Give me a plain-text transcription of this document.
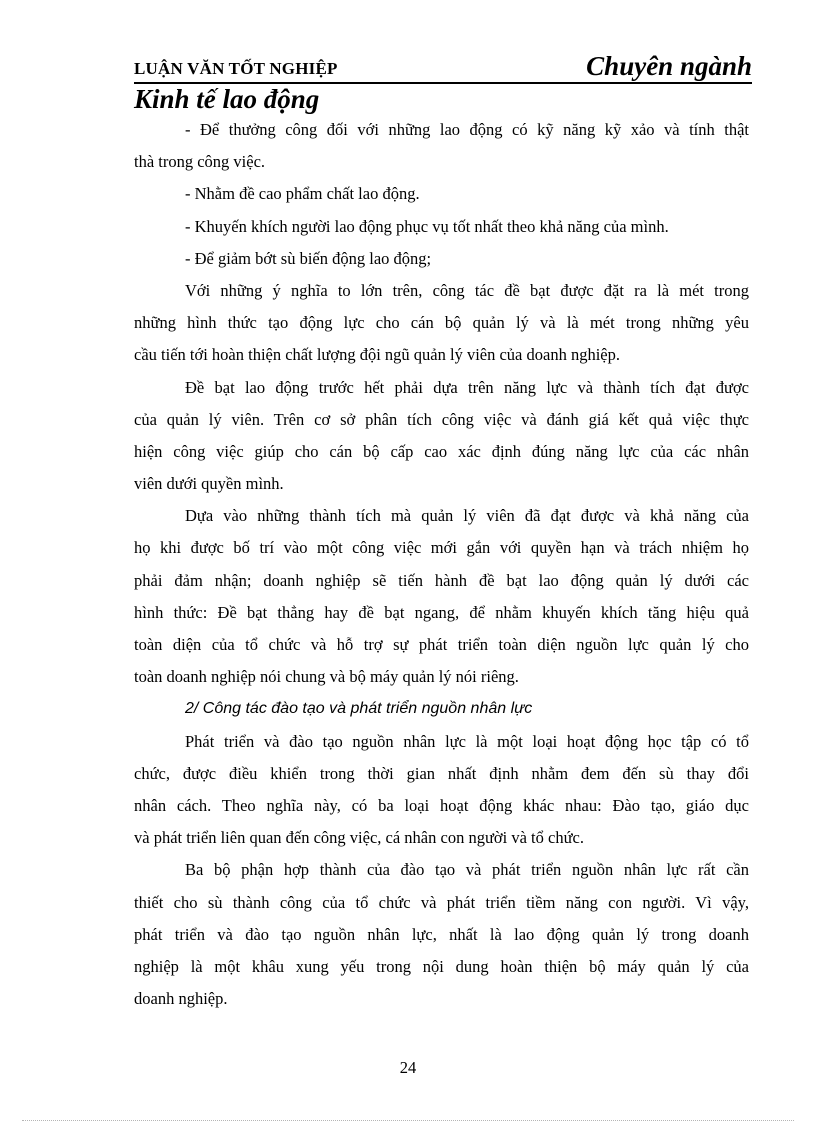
LUẬN VĂN TỐT NGHIỆP	Chuyên ngành
Kinh tế lao động
- Để thưởng công đối với những lao động có kỹ năng kỹ xảo và tính thật
thà trong công việc.
- Nhằm đề cao phẩm chất lao động.
- Khuyến khích người lao động phục vụ tốt nhất theo khả năng của mình.
- Để giảm bớt sù biến động lao động;
Với những ý nghĩa to lớn trên, công tác đề bạt được đặt ra là mét trong
những hình thức tạo động lực cho cán bộ quản lý và là mét trong những yêu
cầu tiến tới hoàn thiện chất lượng đội ngũ quản lý viên của doanh nghiệp.
Đề bạt lao động trước hết phải dựa trên năng lực và thành tích đạt được
của quản lý viên. Trên cơ sở phân tích công việc và đánh giá kết quả việc thực
hiện công việc giúp cho cán bộ cấp cao xác định đúng năng lực của các nhân
viên dưới quyền mình.
Dựa vào những thành tích mà quản lý viên đã đạt được và khả năng của
họ khi được bố trí vào một công việc mới gắn với quyền hạn và trách nhiệm họ
phải đảm nhận; doanh nghiệp sẽ tiến hành đề bạt lao động quản lý dưới các
hình thức: Đề bạt thẳng hay đề bạt ngang, để nhằm khuyến khích tăng hiệu quả
toàn diện của tổ chức và hỗ trợ sự phát triển toàn diện nguồn lực quản lý cho
toàn doanh nghiệp nói chung và bộ máy quản lý nói riêng.
2/ Công tác đào tạo và phát triển nguồn nhân lực
Phát triển và đào tạo nguồn nhân lực là một loại hoạt động học tập có tổ
chức, được điều khiển trong thời gian nhất định nhằm đem đến sù thay đổi
nhân cách. Theo nghĩa này, có ba loại hoạt động khác nhau: Đào tạo, giáo dục
và phát triển liên quan đến công việc, cá nhân con người và tổ chức.
Ba bộ phận hợp thành của đào tạo và phát triển nguồn nhân lực rất cần
thiết cho sù thành công của tổ chức và phát triển tiềm năng con người. Vì vậy,
phát triển và đào tạo nguồn nhân lực, nhất là lao động quản lý trong doanh
nghiệp là một khâu xung yếu trong nội dung hoàn thiện bộ máy quản lý của
doanh nghiệp.
24
